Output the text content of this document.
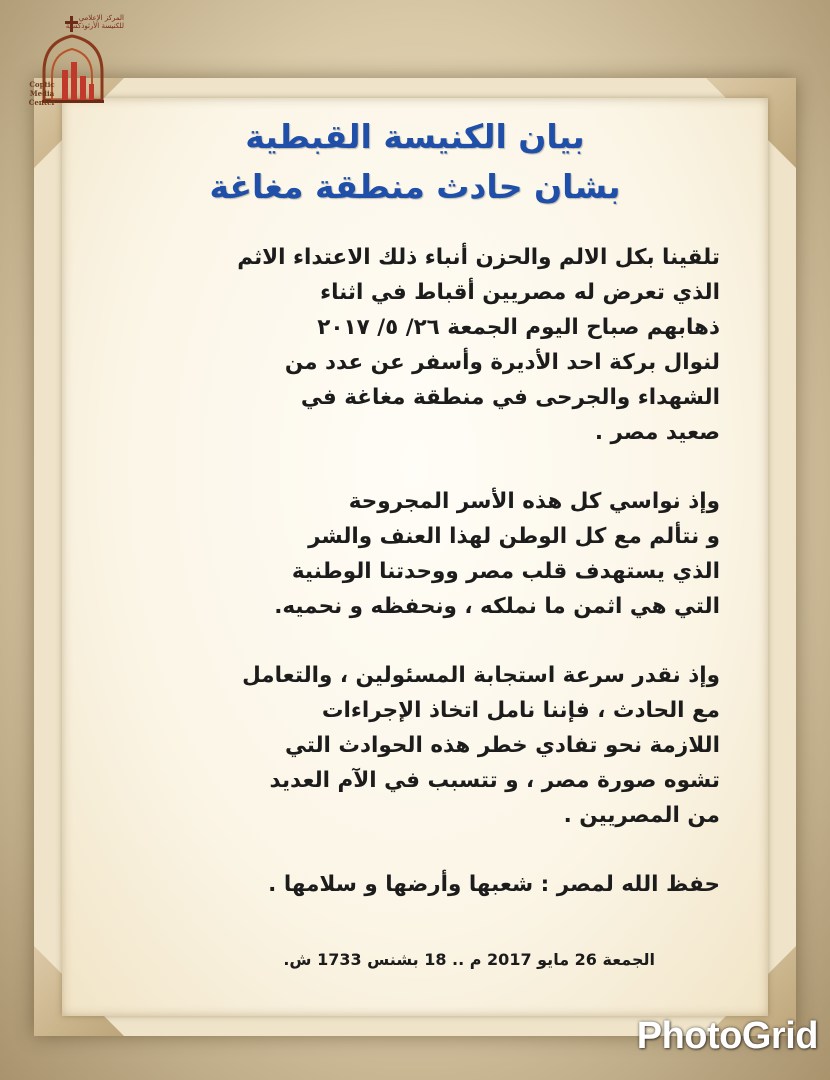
المركز الإعلامي للكنيسة الأرثوذكسية
Coptic Media Center
بيان الكنيسة القبطية
بشان حادث منطقة مغاغة

تلقينا بكل الالم والحزن أنباء ذلك الاعتداء الاثم
الذي تعرض له مصريين أقباط في اثناء
ذهابهم صباح اليوم الجمعة ٢٦/ ٥/ ٢٠١٧
لنوال بركة احد الأديرة وأسفر عن عدد من
الشهداء والجرحى في منطقة مغاغة في
صعيد مصر .

وإذ نواسي كل هذه الأسر المجروحة
و نتألم مع كل الوطن لهذا العنف والشر
الذي يستهدف قلب مصر ووحدتنا الوطنية
التي هي اثمن ما نملكه ، ونحفظه و نحميه.

وإذ نقدر سرعة استجابة المسئولين ، والتعامل
مع الحادث ، فإننا نامل اتخاذ الإجراءات
اللازمة نحو تفادي خطر هذه الحوادث التي
تشوه صورة مصر ، و تتسبب في الآم العديد
من المصريين .

حفظ الله لمصر : شعبها وأرضها و سلامها .

الجمعة 26 مايو 2017 م .. 18 بشنس 1733 ش.
PhotoGrid
